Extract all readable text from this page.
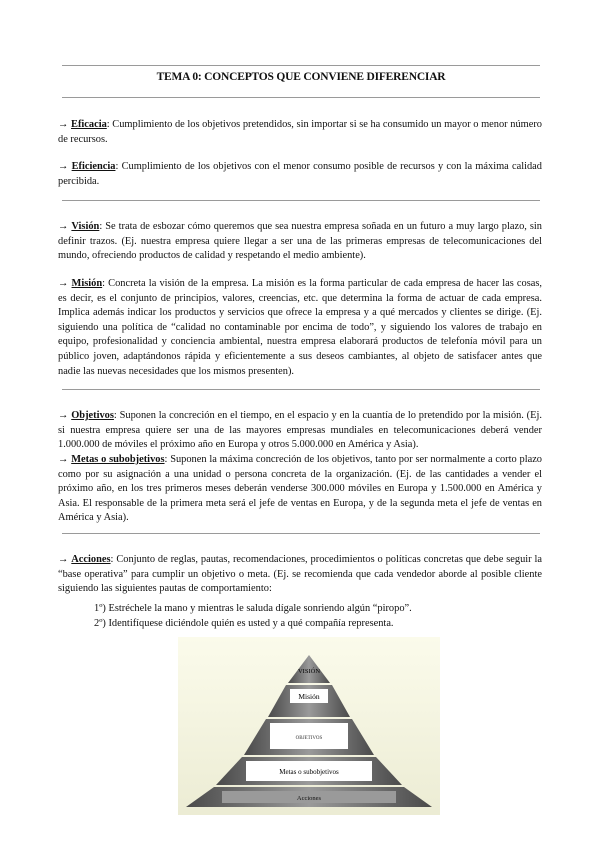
TEMA 0: CONCEPTOS QUE CONVIENE DIFERENCIAR
→ Eficacia: Cumplimiento de los objetivos pretendidos, sin importar si se ha consumido un mayor o menor número de recursos.
→ Eficiencia: Cumplimiento de los objetivos con el menor consumo posible de recursos y con la máxima calidad percibida.
→ Visión: Se trata de esbozar cómo queremos que sea nuestra empresa soñada en un futuro a muy largo plazo, sin definir trazos. (Ej. nuestra empresa quiere llegar a ser una de las primeras empresas de telecomunicaciones del mundo, ofreciendo productos de calidad y respetando el medio ambiente).
→ Misión: Concreta la visión de la empresa. La misión es la forma particular de cada empresa de hacer las cosas, es decir, es el conjunto de principios, valores, creencias, etc. que determina la forma de actuar de cada empresa. Implica además indicar los productos y servicios que ofrece la empresa y a qué mercados y clientes se dirige. (Ej. siguiendo una política de “calidad no contaminable por encima de todo”, y siguiendo los valores de trabajo en equipo, profesionalidad y conciencia ambiental, nuestra empresa elaborará productos de telefonía móvil para un público joven, adaptándonos rápida y eficientemente a sus deseos cambiantes, al objeto de satisfacer antes que nadie las nuevas necesidades que los mismos presenten).
→ Objetivos: Suponen la concreción en el tiempo, en el espacio y en la cuantía de lo pretendido por la misión. (Ej. si nuestra empresa quiere ser una de las mayores empresas mundiales en telecomunicaciones deberá vender 1.000.000 de móviles el próximo año en Europa y otros 5.000.000 en América y Asia).
→ Metas o subobjetivos: Suponen la máxima concreción de los objetivos, tanto por ser normalmente a corto plazo como por su asignación a una unidad o persona concreta de la organización. (Ej. de las cantidades a vender el próximo año, en los tres primeros meses deberán venderse 300.000 móviles en Europa y 1.500.000 en América y Asia. El responsable de la primera meta será el jefe de ventas en Europa, y de la segunda meta el jefe de ventas en América y Asia).
→ Acciones: Conjunto de reglas, pautas, recomendaciones, procedimientos o políticas concretas que debe seguir la “base operativa” para cumplir un objetivo o meta. (Ej. se recomienda que cada vendedor aborde al posible cliente siguiendo las siguientes pautas de comportamiento:
1º) Estréchele la mano y mientras le saluda dígale sonriendo algún “piropo”.
2º) Identifíquese diciéndole quién es usted y a qué compañía representa.
VISIÓN
Misión
OBJETIVOS
Metas o subobjetivos
Acciones
